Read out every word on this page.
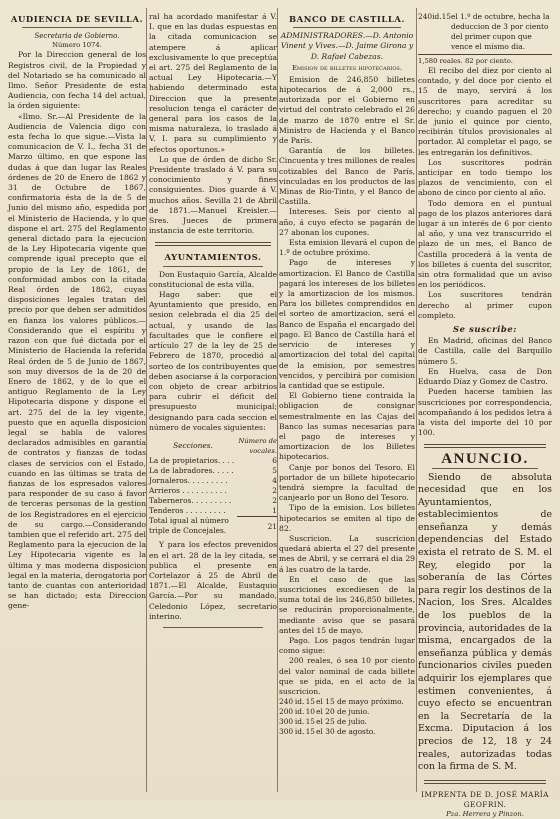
AUDIENCIA DE SEVILLA.
Secretaria de Gobierno.
Número 1074.

Por la Direccion general de los Registros civil, de la Propiedad y del Notariado se ha comunicado al Ilmo. Señor Presidente de esta Audiencia, con fecha 14 del actual, la órden siguiente:

«Ilmo. Sr.—Al Presidente de la Audiencia de Valencia digo con esta fecha lo que sigue.—Vista la comunicacion de V. I., fecha 31 de Marzo último, en que espone las dudas á que dan lugar las Reales órdenes de 20 de Enero de 1862 y 31 de Octubre de 1867, confirmatoria ésta de la de 5 de Junio del mismo año, espedida por el Ministerio de Hacienda, y lo que dispone el art. 275 del Reglamento general dictado para la ejecucion de la Ley Hipotecaria vigente que comprende igual precepto que el propio de la Ley de 1861, de conformidad ambos con la citada Real órden de 1862, cuyas disposiciones legales tratan del precio por que deben ser admitidos en fianza los valores públicos.—Considerando que el espíritu y razon con que fué dictada por el Ministerio de Hacienda la referida Real órden de 5 de Junio de 1867, son muy diversos de la de 20 de Enero de 1862, y de lo que el antiguo Reglamento de la Ley Hipotecaria dispone y dispone el art. 275 del de la ley vigente, puesto que en aquella disposicion legal se habla de valores declarados admisibles en garantía de contratos y fianzas de todas clases de servicios con el Estado, cuando en las últimas se trata de fianzas de los espresados valores para responder de su caso á favor de terceras personas de la gestion de los Registradores en el ejercicio de su cargo.—Considerando tambien que el referido art. 275 del Reglamento para la ejecucion de la Ley Hipotecaria vigente es la última y mas moderna disposicion legal en la materia, derogatoria por tanto de cuantas con anterioridad se han dictado; esta Direccion gene-

ral ha acordado manifestar á V. I. que en las dudas espuestas en la citada comunicacion se atempere á aplicar exclusivamente lo que preceptúa el art. 275 del Reglamento de la actual Ley Hipotecaria.—Y habiendo determinado esta Direccion que la presente resolucion tenga el carácter de general para los casos de la misma naturaleza, lo traslado á V. I. para su cumplimiento y efectos oportunos.»

Lo que de órden de dicho Sr. Presidente traslado á V. para su conocimiento y fines consiguientes. Dios guarde á V. muchos años. Sevilla 21 de Abril de 1871.—Manuel Kreisler.—Sres. Jueces de primera instancia de este territorio.

AYUNTAMIENTOS.

Don Eustaquio García, Alcalde constitucional de esta villa.

Hago saber: que el Ayuntamiento que presido, en sesion celebrada el dia 25 del actual, y usando de las facultades que le confiere el artículo 27 de la ley de 25 de Febrero de 1870, procedió al sorteo de los contribuyentes que deben asociarse á la corporacion con objeto de crear arbitrios para cubrir el déficit del presupuesto municipal; designando para cada seccion el número de vocales siguientes:

Secciones.	Número de vocales.
La de propietarios. . . .	6
La de labradores. . . . .	5
Jornaleros. . . . . . . . .	4
Arrieros . . . . . . . . . .	2
Taberneros. . . . . . . . .	2
Tenderos . . . . . . . . .	1
Total igual al número triple de Concejales.	21

Y para los efectos prevenidos en el art. 28 de la ley citada, se publica el presente en Cortelazor á 25 de Abril de 1871.—El Alcalde, Eustaquio García.—Por su mandado, Celedonio López, secretario interino.

BANCO DE CASTILLA.

ADMINISTRADORES.—D. Antonio Vinent y Vives.—D. Jaime Girona y D. Rafael Cabezas.

Emision de billetes hipotecarios.

Emision de 246,850 billetes hipotecarios de á 2,000 rs., autorizada por el Gobierno en virtud del contrato celebrado el 26 de marzo de 1870 entre el Sr. Ministro de Hacienda y el Banco de París.

Garantía de los billetes. Cincuenta y tres millones de reales cotizables del Banco de París, vinculadas en los productos de las Minas de Rio-Tinto, y el Banco de Castilla.

Intereses. Seis por ciento al año, á cuyo efecto se pagarán de 27 abonan los cupones.

Esta emision llevará el cupon de 1.º de octubre próximo.

Pago de intereses y amortizacion. El Banco de Castilla pagará los intereses de los billetes y la amortizacion de los mismos. Para los billetes comprendidos en el sorteo de amortizacion, será el Banco de España el encargado del pago. El Banco de Castilla hará el servicio de intereses y amortizacion del total del capital de la emision, por semestres vencidos, y percibirá por comision la cantidad que se estipule.

El Gobierno tiene contraida la obligacion de consignar semestralmente en las Cajas del Banco las sumas necesarias para el pago de intereses y amortizacion de los Billetes hipotecarios.

Canje por bonos del Tesoro. El portador de un billete hipotecario tendrá siempre la facultad de canjearlo por un Bono del Tesoro.

Tipo de la emision. Los billetes hipotecarios se emiten al tipo de 82.

Suscricion. La suscricion quedará abierta el 27 del presente mes de Abril, y se cerrará el dia 29 á las cuatro de la tarde.

En el caso de que las suscriciones excediesen de la suma total de los 246,850 billetes, se reducirán proporcionalmente, mediante aviso que se pasará antes del 15 de mayo.

Pago. Los pagos tendrán lugar como sigue:

200 reales, ó sea 10 por ciento del valor nominal de cada billete que se pida, en el acto de la suscricion.

240	id.	15	el 15 de mayo próximo.
200	id.	10	el 20 de junio.
300	id.	15	el 25 de julio.
300	id.	15	el 30 de agosto.
240	id.	15	el 1.º de octubre, hecha la deduccion de 3 por ciento del primer cupon que vence el mismo dia.
1,580 reales. 82 por ciento.

El recibo del diez por ciento al contado, y del doce por ciento el 15 de mayo, servirá á los suscritores para acreditar su derecho; y cuando paguen el 20 de junio el quince por ciento, recibirán títulos provisionales al portador. Al completar el pago, se les entregarán los definitivos.

Los suscritores podrán anticipar en todo tiempo los plazos de vencimiento, con el abono de cinco por ciento al año.

Todo demora en el puntual pago de los plazos anteriores dará lugar á un interés de 6 por ciento al año, y una vez transcurrido el plazo de un mes, el Banco de Castilla procederá á la venta de los billetes á cuenta del suscritor, sin otra formalidad que un aviso en los periódicos.

Los suscritores tendrán derecho al primer cupon completo.

Se suscribe:

En Madrid, oficinas del Banco de Castilla, calle del Barquillo número 5.

En Huelva, casa de Don Eduardo Díaz y Gomez de Castro.

Pueden hacerse tambien las suscriciones por correspondencia, acompañando á los pedidos letra á la vista del importe del 10 por 100.

ANUNCIO.

Siendo de absoluta necesidad que en los Ayuntamientos, establecimientos de enseñanza y demás dependencias del Estado exista el retrato de S. M. el Rey, elegido por la soberanía de las Córtes para regir los destinos de la Nacion, los Sres. Alcaldes de los pueblos de la provincia, autoridades de la misma, encargados de la enseñanza pública y demás funcionarios civiles pueden adquirir los ejemplares que estimen convenientes, á cuyo efecto se encuentran en la Secretaría de la Excma. Diputacion á los precios de 12, 18 y 24 reales, autorizadas todas con la firma de S. M.

IMPRENTA DE D. JOSÉ MARÍA GEOFRIN.
Pza. Herrera y Pinzon.
